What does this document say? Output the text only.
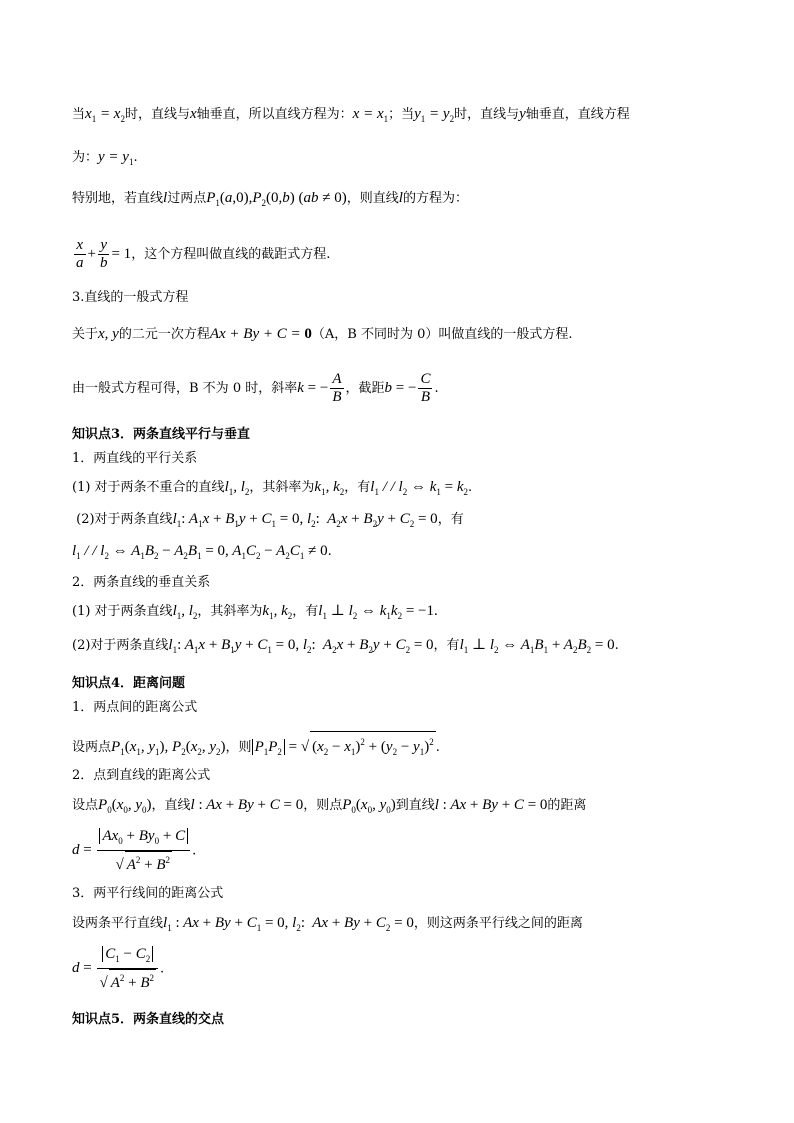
当$x_1 = x_2$时，直线与x轴垂直，所以直线方程为：$x = x_1$；当$y_1 = y_2$时，直线与y轴垂直，直线方程
为：$y = y_1$.
特别地，若直线l过两点$P_1(a,0),P_2(0,b) (ab \ne 0)$，则直线l的方程为：
$\frac{x}{a} + \frac{y}{b} = 1$，这个方程叫做直线的截距式方程.
3.直线的一般式方程
关于x, y的二元一次方程Ax + By + C = 0（A，B 不同时为 0）叫做直线的一般式方程.
由一般式方程可得，B 不为 0 时，斜率k = − $\frac{A}{B}$ ，截距b = − $\frac{C}{B}$ .
知识点3．两条直线平行与垂直
1．两直线的平行关系
(1) 对于两条不重合的直线$l_1$, $l_2$，其斜率为$k_1$, $k_2$，有$l_1$ / / $l_2$ ⇔ $k_1 = k_2$.
(2)对于两条直线$l_1$: $A_1x + B_1y + C_1 = 0$, $l_2$:  $A_2x + B_2y + C_2 = 0$，有
$l_1$ / / $l_2$ ⇔ $A_1B_2 - A_2B_1 = 0$, $A_1C_2 - A_2C_1 \ne 0$.
2．两条直线的垂直关系
(1) 对于两条直线$l_1$, $l_2$，其斜率为$k_1$, $k_2$，有$l_1$ ⊥ $l_2$ ⇔ $k_1k_2 = -1$.
(2)对于两条直线$l_1$: $A_1x + B_1y + C_1 = 0$, $l_2$:  $A_2x + B_2y + C_2 = 0$，有$l_1$ ⊥ $l_2$ ⇔ $A_1B_1 + A_2B_2 = 0$.
知识点4．距离问题
1．两点间的距离公式
设两点$P_1(x_1$, $y_1$), $P_2(x_2$, $y_2$)，则 $P_1P_2$ = √ $(x_2 - x_1)^2 + (y_2 - y_1)^2$ .
2．点到直线的距离公式
设点$P_0(x_0$, $y_0$)，直线l : Ax + By + C = 0，则点$P_0(x_0$, $y_0$)到直线l : Ax + By + C = 0的距离
$d = \frac{Ax_0 + By_0 + C}{√ A^2 + B^2}$ .
3．两平行线间的距离公式
设两条平行直线$l_1$ : $Ax + By + C_1 = 0$, $l_2$:  $Ax + By + C_2 = 0$，则这两条平行线之间的距离
$d = \frac{C_1 - C_2}{√ A^2 + B^2}$ .
知识点5．两条直线的交点
